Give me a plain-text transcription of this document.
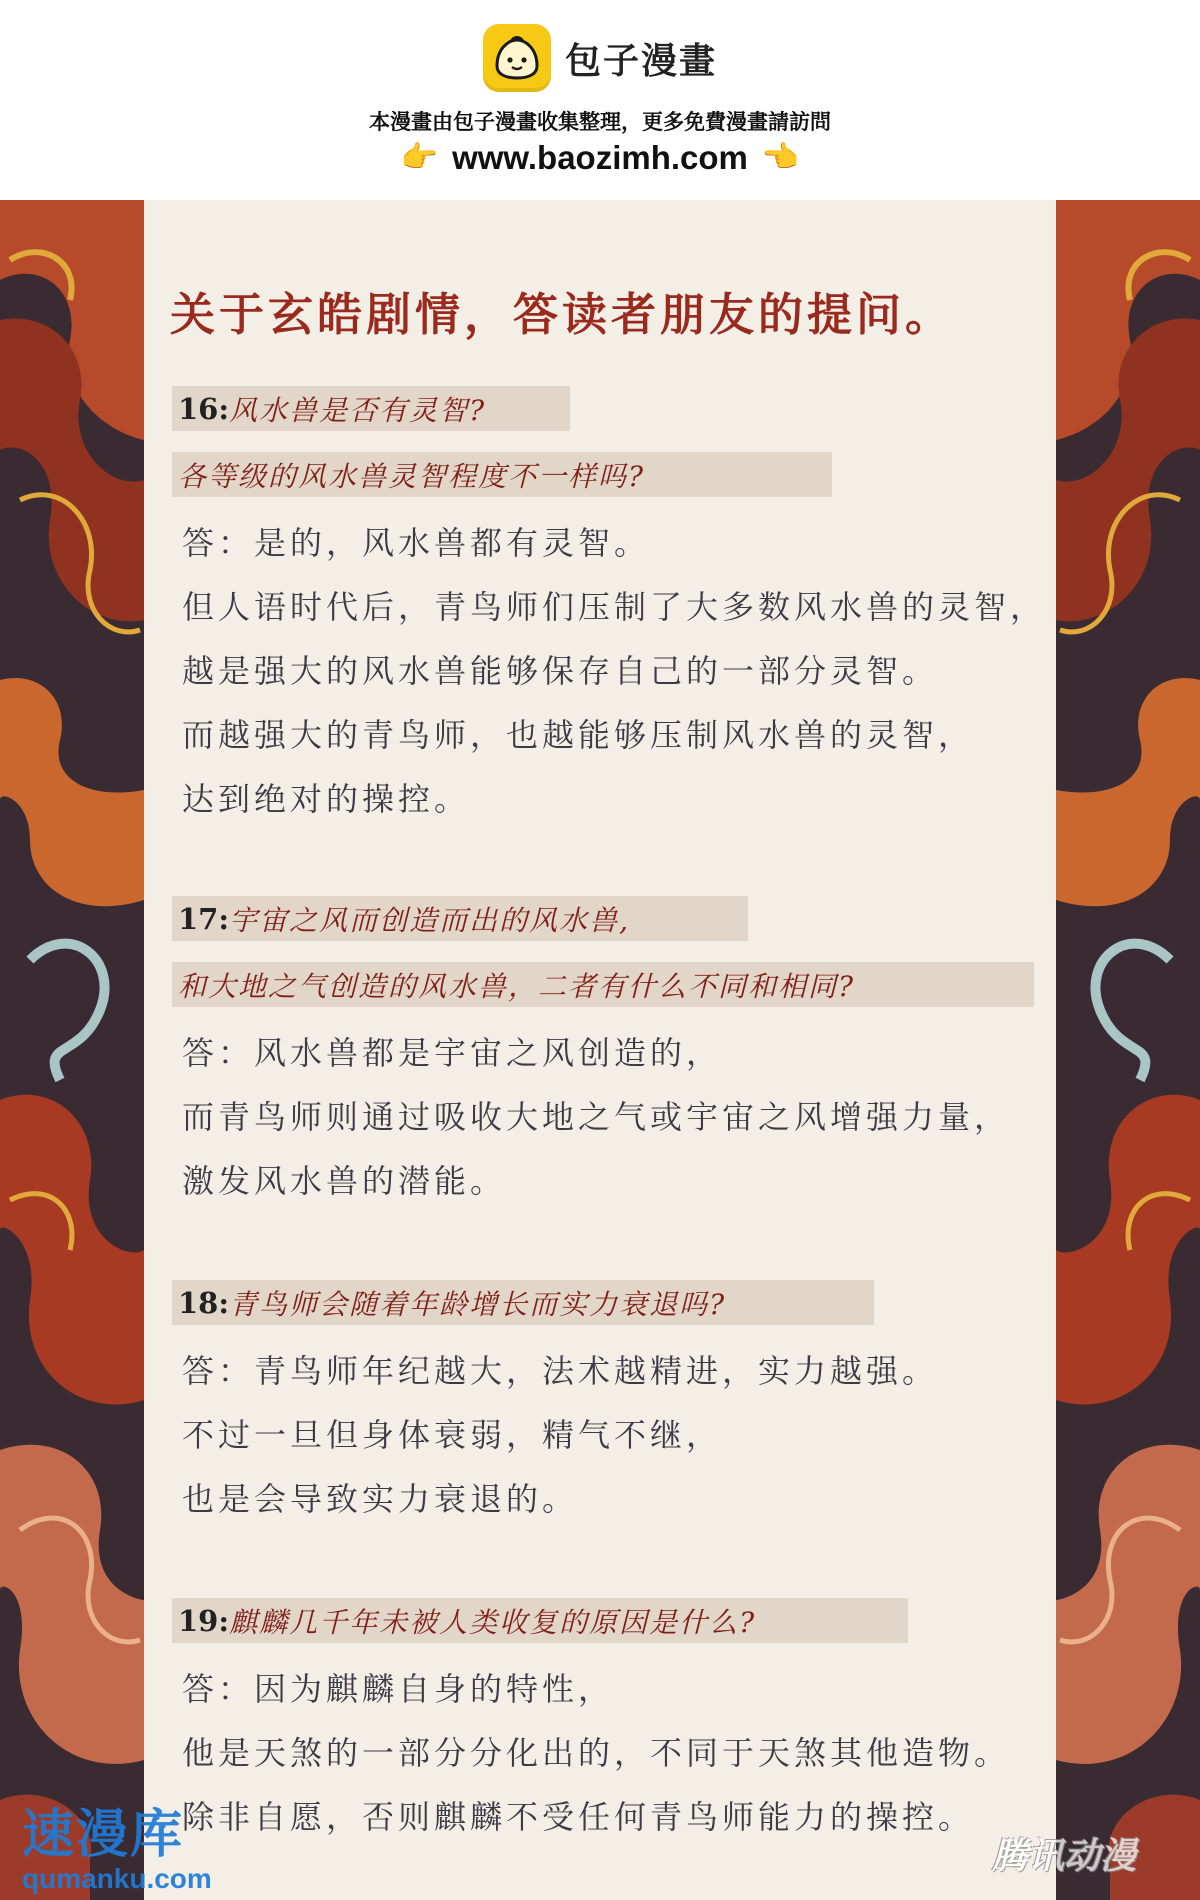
包子漫畫
本漫畫由包子漫畫收集整理，更多免費漫畫請訪問
👉 www.baozimh.com 👈
关于玄皓剧情，答读者朋友的提问。
16: 风水兽是否有灵智?
各等级的风水兽灵智程度不一样吗?
答：是的，风水兽都有灵智。
但人语时代后，青鸟师们压制了大多数风水兽的灵智，
越是强大的风水兽能够保存自己的一部分灵智。
而越强大的青鸟师，也越能够压制风水兽的灵智，
达到绝对的操控。
17: 宇宙之风而创造而出的风水兽,
和大地之气创造的风水兽，二者有什么不同和相同?
答：风水兽都是宇宙之风创造的，
而青鸟师则通过吸收大地之气或宇宙之风增强力量，
激发风水兽的潜能。
18: 青鸟师会随着年龄增长而实力衰退吗?
答：青鸟师年纪越大，法术越精进，实力越强。
不过一旦但身体衰弱，精气不继，
也是会导致实力衰退的。
19: 麒麟几千年未被人类收复的原因是什么?
答：因为麒麟自身的特性，
他是天煞的一部分分化出的，不同于天煞其他造物。
除非自愿，否则麒麟不受任何青鸟师能力的操控。
速漫库
qumanku.com
腾讯动漫
